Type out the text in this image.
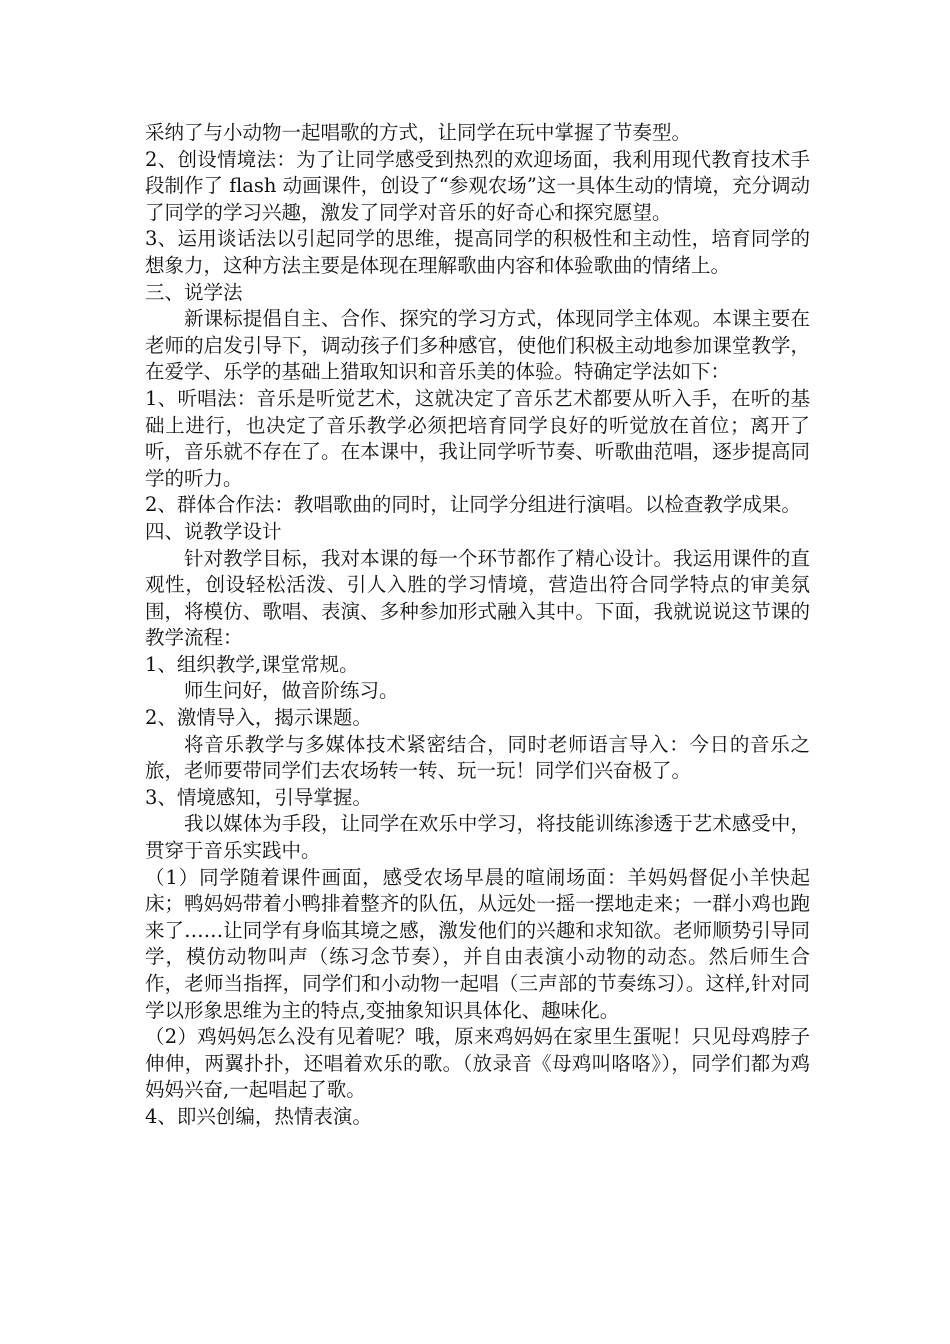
采纳了与小动物一起唱歌的方式，让同学在玩中掌握了节奏型。

2、创设情境法：为了让同学感受到热烈的欢迎场面，我利用现代教育技术手段制作了 flash 动画课件，创设了“参观农场”这一具体生动的情境，充分调动了同学的学习兴趣，激发了同学对音乐的好奇心和探究愿望。

3、运用谈话法以引起同学的思维，提高同学的积极性和主动性，培育同学的想象力，这种方法主要是体现在理解歌曲内容和体验歌曲的情绪上。

三、说学法

新课标提倡自主、合作、探究的学习方式，体现同学主体观。本课主要在老师的启发引导下，调动孩子们多种感官，使他们积极主动地参加课堂教学，在爱学、乐学的基础上猎取知识和音乐美的体验。特确定学法如下：

1、听唱法：音乐是听觉艺术，这就决定了音乐艺术都要从听入手，在听的基础上进行，也决定了音乐教学必须把培育同学良好的听觉放在首位；离开了听，音乐就不存在了。在本课中，我让同学听节奏、听歌曲范唱，逐步提高同学的听力。

2、群体合作法：教唱歌曲的同时，让同学分组进行演唱。以检查教学成果。

四、说教学设计

针对教学目标，我对本课的每一个环节都作了精心设计。我运用课件的直观性，创设轻松活泼、引人入胜的学习情境，营造出符合同学特点的审美氛围，将模仿、歌唱、表演、多种参加形式融入其中。下面，我就说说这节课的教学流程：

1、组织教学,课堂常规。

师生问好，做音阶练习。

2、激情导入，揭示课题。

将音乐教学与多媒体技术紧密结合，同时老师语言导入：今日的音乐之旅，老师要带同学们去农场转一转、玩一玩！同学们兴奋极了。

3、情境感知，引导掌握。

我以媒体为手段，让同学在欢乐中学习，将技能训练渗透于艺术感受中，贯穿于音乐实践中。

（1）同学随着课件画面，感受农场早晨的喧闹场面：羊妈妈督促小羊快起床；鸭妈妈带着小鸭排着整齐的队伍，从远处一摇一摆地走来；一群小鸡也跑来了……让同学有身临其境之感，激发他们的兴趣和求知欲。老师顺势引导同学，模仿动物叫声（练习念节奏），并自由表演小动物的动态。然后师生合作，老师当指挥，同学们和小动物一起唱（三声部的节奏练习）。这样,针对同学以形象思维为主的特点,变抽象知识具体化、趣味化。

（2）鸡妈妈怎么没有见着呢？哦，原来鸡妈妈在家里生蛋呢！只见母鸡脖子伸伸，两翼扑扑，还唱着欢乐的歌。（放录音《母鸡叫咯咯》），同学们都为鸡妈妈兴奋,一起唱起了歌。

4、即兴创编，热情表演。
